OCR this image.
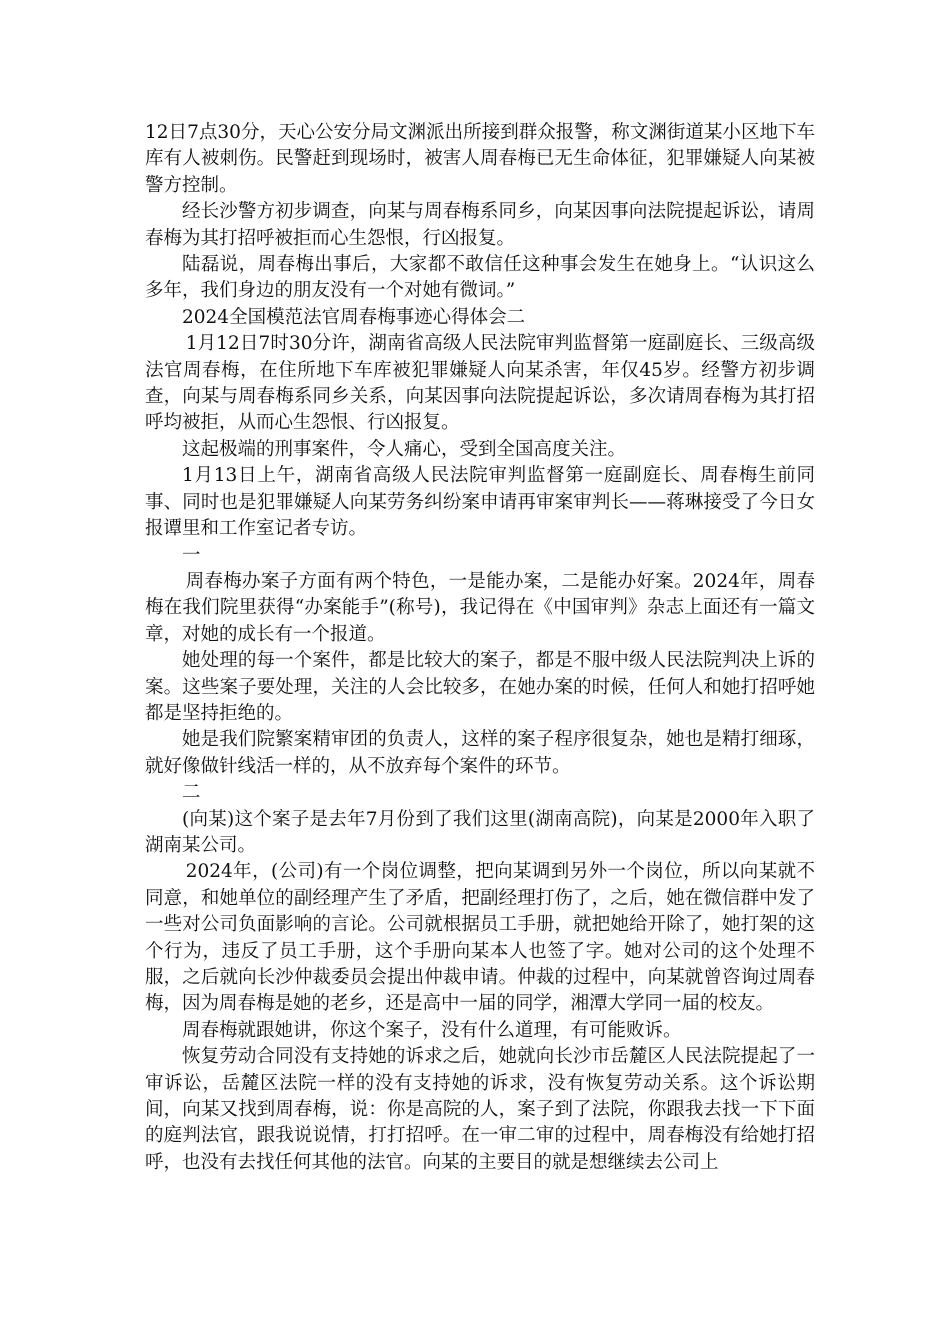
12日7点30分，天心公安分局文渊派出所接到群众报警，称文渊街道某小区地下车库有人被刺伤。民警赶到现场时，被害人周春梅已无生命体征，犯罪嫌疑人向某被警方控制。

经长沙警方初步调查，向某与周春梅系同乡，向某因事向法院提起诉讼，请周春梅为其打招呼被拒而心生怨恨，行凶报复。

陆磊说，周春梅出事后，大家都不敢信任这种事会发生在她身上。“认识这么多年，我们身边的朋友没有一个对她有微词。”

2024全国模范法官周春梅事迹心得体会二

1月12日7时30分许，湖南省高级人民法院审判监督第一庭副庭长、三级高级法官周春梅，在住所地下车库被犯罪嫌疑人向某杀害，年仅45岁。经警方初步调查，向某与周春梅系同乡关系，向某因事向法院提起诉讼，多次请周春梅为其打招呼均被拒，从而心生怨恨、行凶报复。

这起极端的刑事案件，令人痛心，受到全国高度关注。

1月13日上午，湖南省高级人民法院审判监督第一庭副庭长、周春梅生前同事、同时也是犯罪嫌疑人向某劳务纠纷案申请再审案审判长——蒋琳接受了今日女报谭里和工作室记者专访。

一

周春梅办案子方面有两个特色，一是能办案，二是能办好案。2024年，周春梅在我们院里获得“办案能手”(称号)，我记得在《中国审判》杂志上面还有一篇文章，对她的成长有一个报道。

她处理的每一个案件，都是比较大的案子，都是不服中级人民法院判决上诉的案。这些案子要处理，关注的人会比较多，在她办案的时候，任何人和她打招呼她都是坚持拒绝的。

她是我们院繁案精审团的负责人，这样的案子程序很复杂，她也是精打细琢，就好像做针线活一样的，从不放弃每个案件的环节。

二

(向某)这个案子是去年7月份到了我们这里(湖南高院)，向某是2000年入职了湖南某公司。

2024年，(公司)有一个岗位调整，把向某调到另外一个岗位，所以向某就不同意，和她单位的副经理产生了矛盾，把副经理打伤了，之后，她在微信群中发了一些对公司负面影响的言论。公司就根据员工手册，就把她给开除了，她打架的这个行为，违反了员工手册，这个手册向某本人也签了字。她对公司的这个处理不服，之后就向长沙仲裁委员会提出仲裁申请。仲裁的过程中，向某就曾咨询过周春梅，因为周春梅是她的老乡，还是高中一届的同学，湘潭大学同一届的校友。

周春梅就跟她讲，你这个案子，没有什么道理，有可能败诉。

恢复劳动合同没有支持她的诉求之后，她就向长沙市岳麓区人民法院提起了一审诉讼，岳麓区法院一样的没有支持她的诉求，没有恢复劳动关系。这个诉讼期间，向某又找到周春梅，说：你是高院的人，案子到了法院，你跟我去找一下下面的庭判法官，跟我说说情，打打招呼。在一审二审的过程中，周春梅没有给她打招呼，也没有去找任何其他的法官。向某的主要目的就是想继续去公司上
